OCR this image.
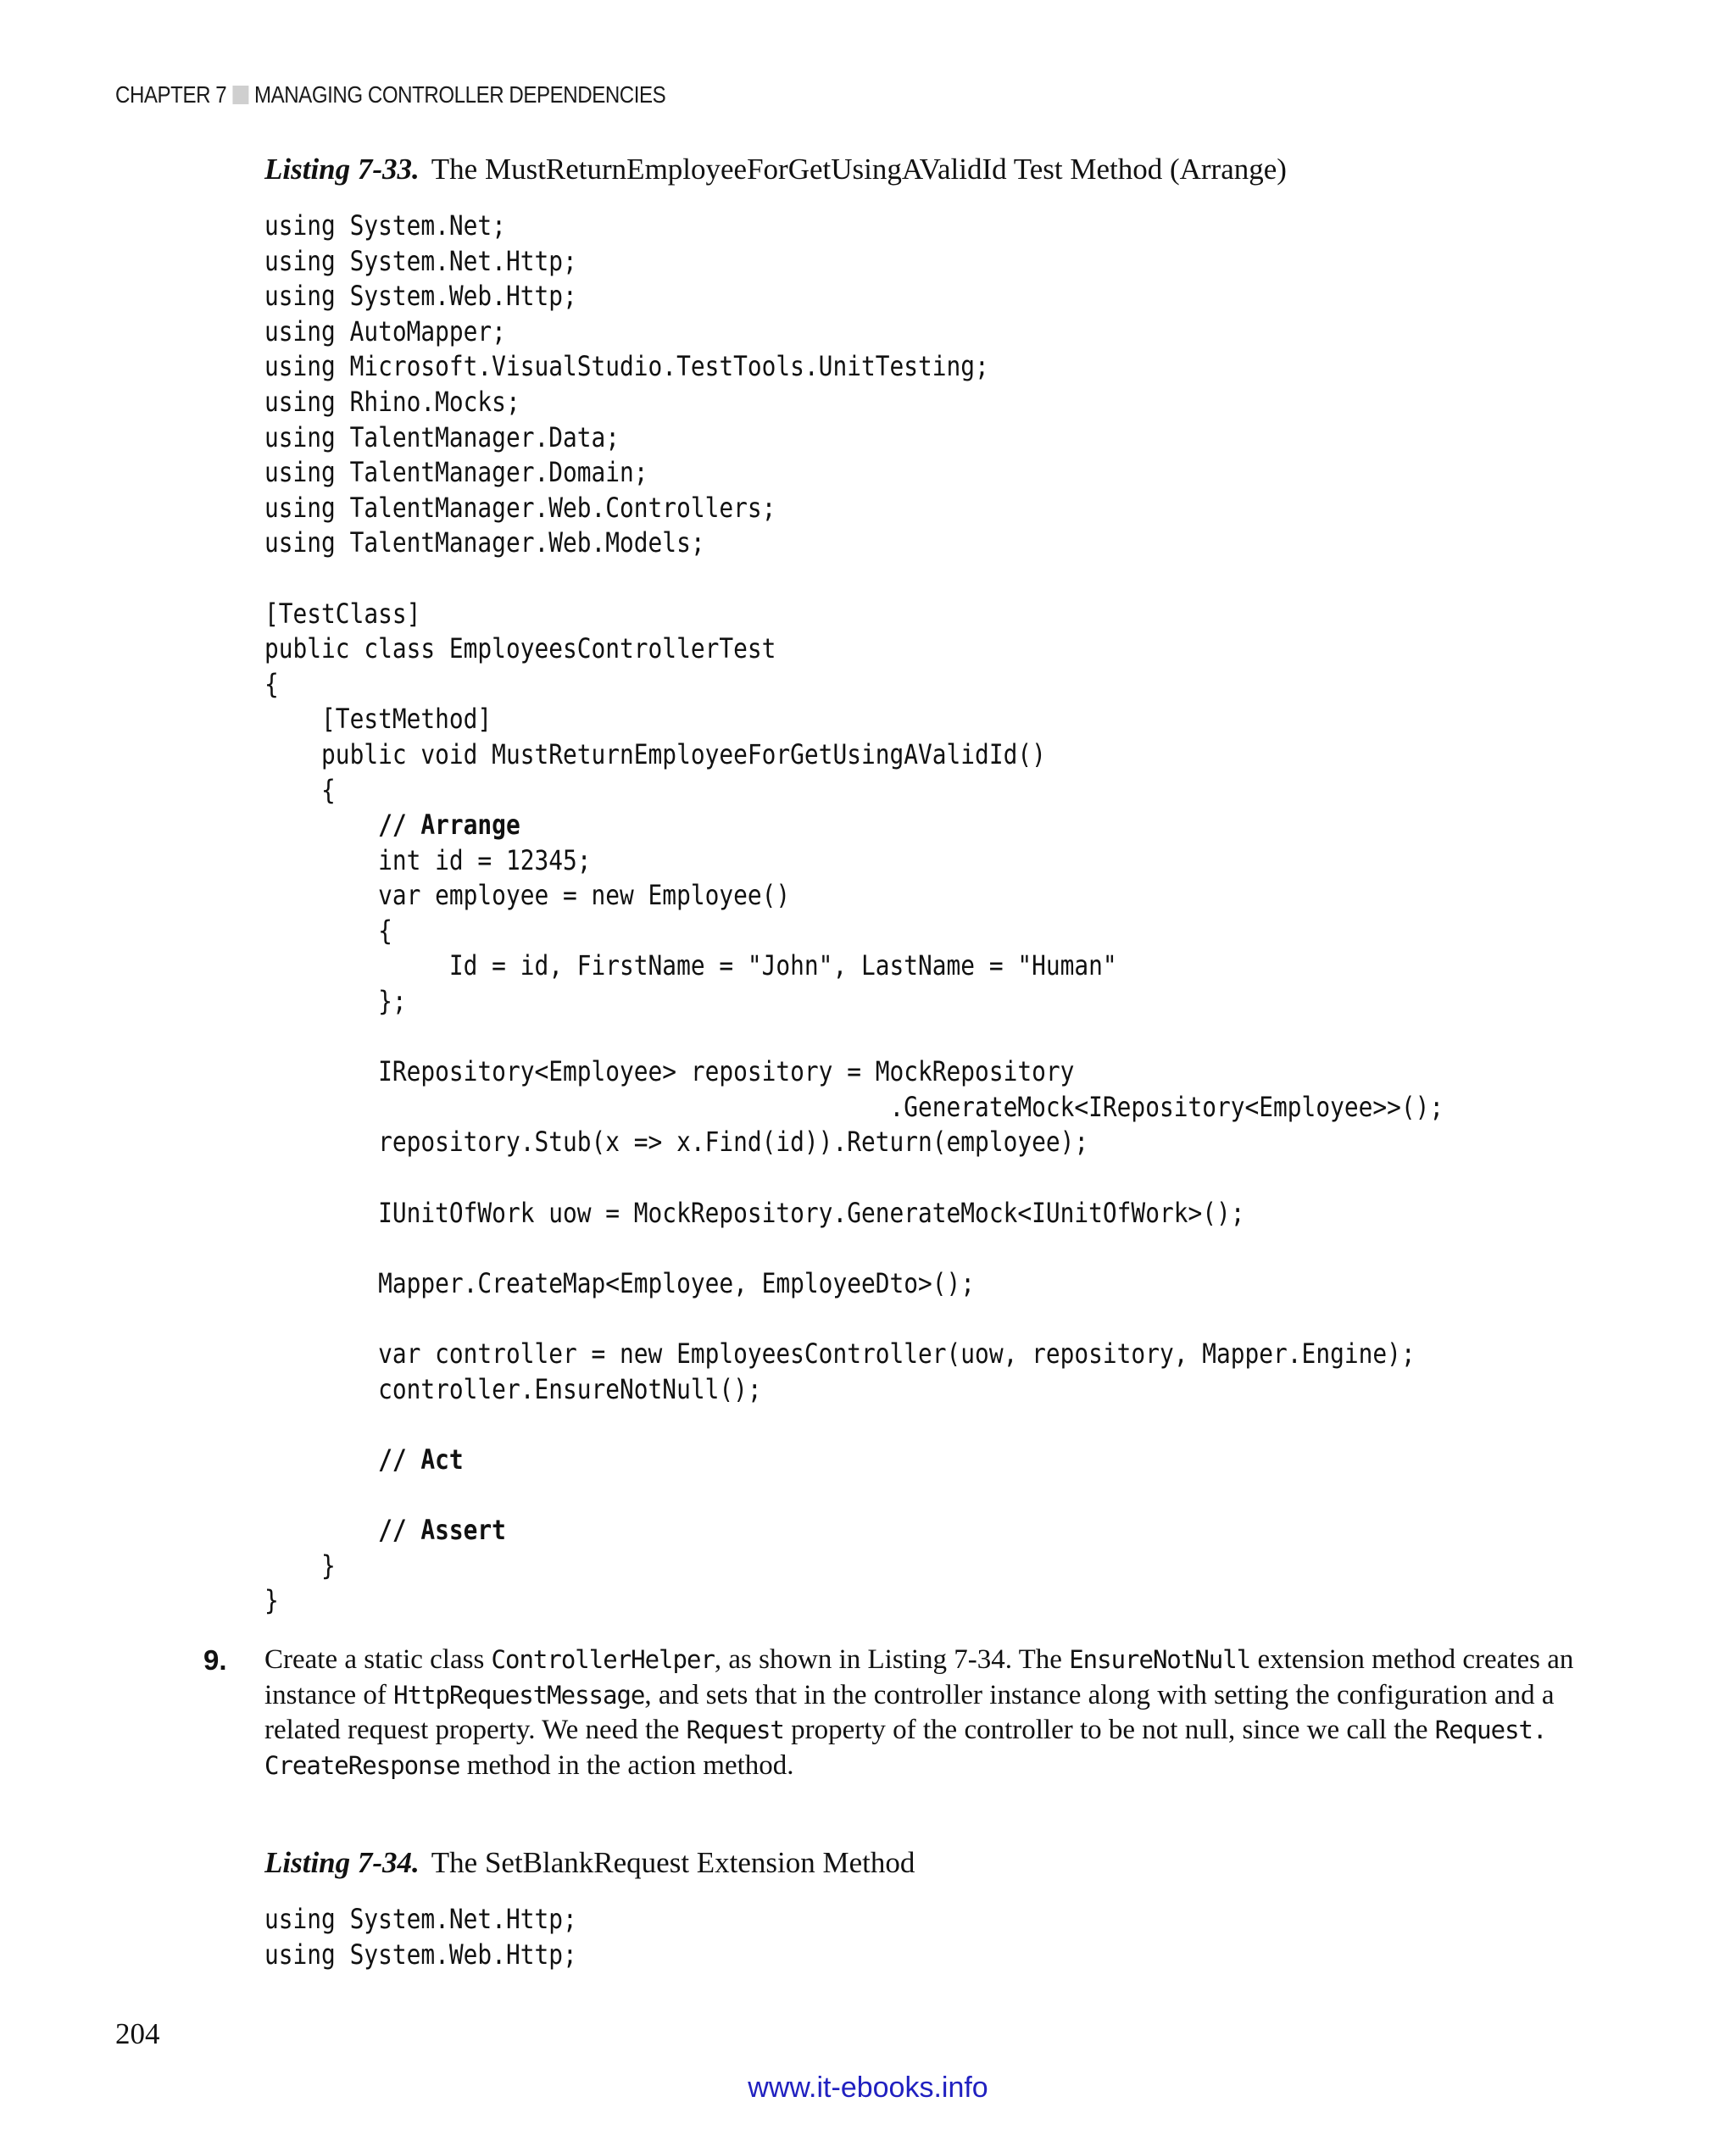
CHAPTER 7 MANAGING CONTROLLER DEPENDENCIES
Listing 7-33. The MustReturnEmployeeForGetUsingAValidId Test Method (Arrange)
using System.Net;
using System.Net.Http;
using System.Web.Http;
using AutoMapper;
using Microsoft.VisualStudio.TestTools.UnitTesting;
using Rhino.Mocks;
using TalentManager.Data;
using TalentManager.Domain;
using TalentManager.Web.Controllers;
using TalentManager.Web.Models;
[TestClass]
public class EmployeesControllerTest
{
[TestMethod]
public void MustReturnEmployeeForGetUsingAValidId()
{
// Arrange
int id = 12345;
var employee = new Employee()
{
Id = id, FirstName = "John", LastName = "Human"
};
IRepository<Employee> repository = MockRepository
.GenerateMock<IRepository<Employee>>();
repository.Stub(x => x.Find(id)).Return(employee);
IUnitOfWork uow = MockRepository.GenerateMock<IUnitOfWork>();
Mapper.CreateMap<Employee, EmployeeDto>();
var controller = new EmployeesController(uow, repository, Mapper.Engine);
controller.EnsureNotNull();
// Act
// Assert
}
}
9. Create a static class ControllerHelper, as shown in Listing 7-34. The EnsureNotNull extension method creates an instance of HttpRequestMessage, and sets that in the controller instance along with setting the configuration and a related request property. We need the Request property of the controller to be not null, since we call the Request. CreateResponse method in the action method.
Listing 7-34. The SetBlankRequest Extension Method
using System.Net.Http;
using System.Web.Http;
204
www.it-ebooks.info
